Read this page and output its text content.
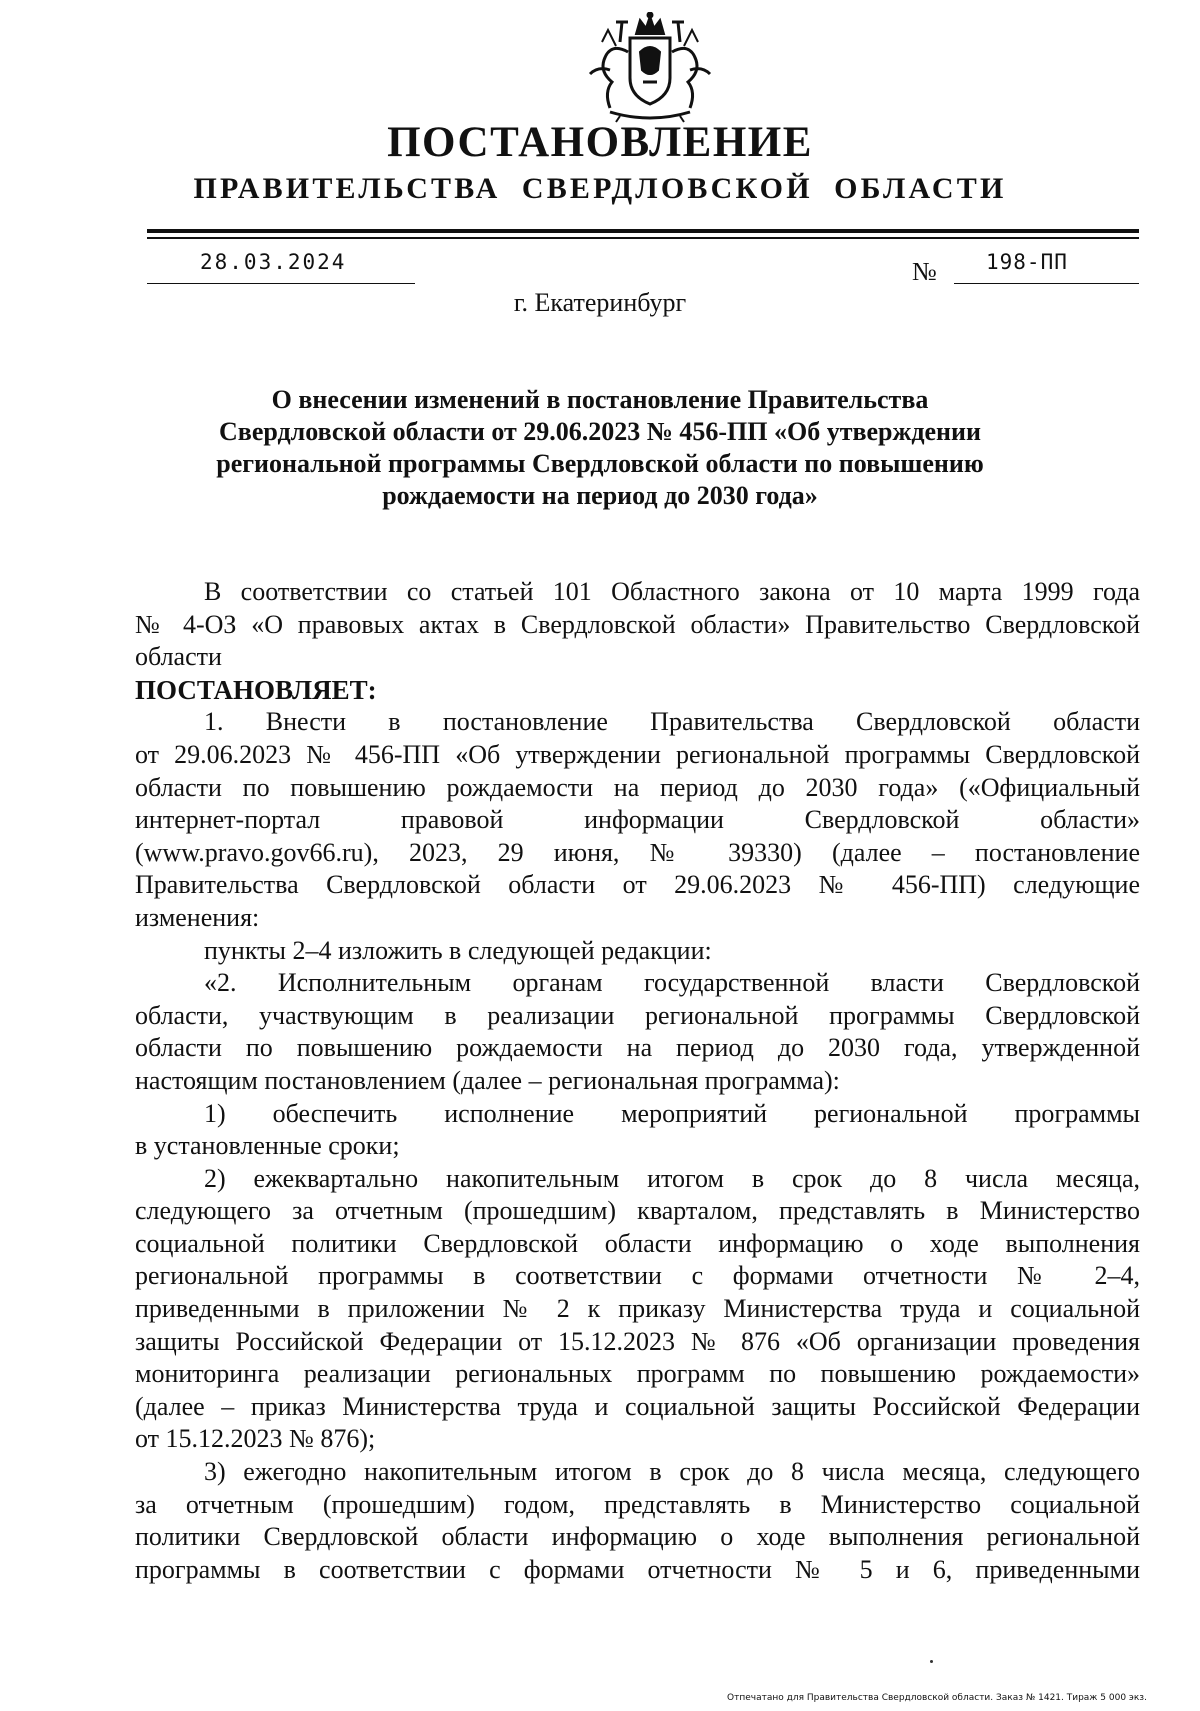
ПОСТАНОВЛЕНИЕ
ПРАВИТЕЛЬСТВА  СВЕРДЛОВСКОЙ  ОБЛАСТИ
28.03.2024	№ 198-ПП
г. Екатеринбург
О внесении изменений в постановление Правительства
Свердловской области от 29.06.2023 № 456-ПП «Об утверждении
региональной программы Свердловской области по повышению
рождаемости на период до 2030 года»
В соответствии со статьей 101 Областного закона от 10 марта 1999 года
№ 4-ОЗ «О правовых актах в Свердловской области» Правительство Свердловской
области
ПОСТАНОВЛЯЕТ:
1. Внести в постановление Правительства Свердловской области
от 29.06.2023 № 456-ПП «Об утверждении региональной программы Свердловской
области по повышению рождаемости на период до 2030 года» («Официальный
интернет-портал правовой информации Свердловской области»
(www.pravo.gov66.ru), 2023, 29 июня, № 39330) (далее – постановление
Правительства Свердловской области от 29.06.2023 № 456-ПП) следующие
изменения:
пункты 2–4 изложить в следующей редакции:
«2. Исполнительным органам государственной власти Свердловской
области, участвующим в реализации региональной программы Свердловской
области по повышению рождаемости на период до 2030 года, утвержденной
настоящим постановлением (далее – региональная программа):
1) обеспечить исполнение мероприятий региональной программы
в установленные сроки;
2) ежеквартально накопительным итогом в срок до 8 числа месяца,
следующего за отчетным (прошедшим) кварталом, представлять в Министерство
социальной политики Свердловской области информацию о ходе выполнения
региональной программы в соответствии с формами отчетности № 2–4,
приведенными в приложении № 2 к приказу Министерства труда и социальной
защиты Российской Федерации от 15.12.2023 № 876 «Об организации проведения
мониторинга реализации региональных программ по повышению рождаемости»
(далее – приказ Министерства труда и социальной защиты Российской Федерации
от 15.12.2023 № 876);
3) ежегодно накопительным итогом в срок до 8 числа месяца, следующего
за отчетным (прошедшим) годом, представлять в Министерство социальной
политики Свердловской области информацию о ходе выполнения региональной
программы в соответствии с формами отчетности № 5 и 6, приведенными
Отпечатано для Правительства Свердловской области. Заказ № 1421. Тираж 5 000 экз.
